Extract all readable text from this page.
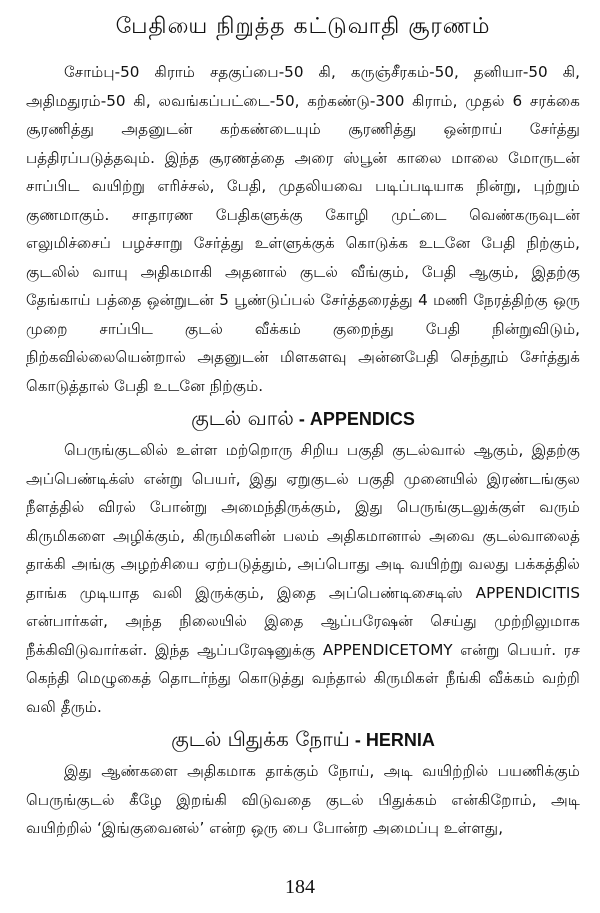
பேதியை நிறுத்த கட்டுவாதி சூரணம்

சோம்பு-50 கிராம் சதகுப்பை-50 கி, கருஞ்சீரகம்-50, தனியா-50 கி, அதிமதுரம்-50 கி, லவங்கப்பட்டை-50, கற்கண்டு-300 கிராம், முதல் 6 சரக்கை சூரணித்து அதனுடன் கற்கண்டையும் சூரணித்து ஒன்றாய் சேர்த்து பத்திரப்படுத்தவும். இந்த சூரணத்தை அரை ஸ்பூன் காலை மாலை மோருடன் சாப்பிட வயிற்று எரிச்சல், பேதி, முதலியவை படிப்படியாக நின்று, புற்றும் குணமாகும். சாதாரண பேதிகளுக்கு கோழி முட்டை வெண்கருவுடன் எலுமிச்சைப் பழச்சாறு சேர்த்து உள்ளுக்குக் கொடுக்க உடனே பேதி நிற்கும், குடலில் வாயு அதிகமாகி அதனால் குடல் வீங்கும், பேதி ஆகும், இதற்கு தேங்காய் பத்தை ஒன்றுடன் 5 பூண்டுப்பல் சேர்த்தரைத்து 4 மணி நேரத்திற்கு ஒரு முறை சாப்பிட குடல் வீக்கம் குறைந்து பேதி நின்றுவிடும், நிற்கவில்லையென்றால் அதனுடன் மிளகளவு அன்னபேதி செந்தூம் சேர்த்துக் கொடுத்தால் பேதி உடனே நிற்கும்.

குடல் வால் - APPENDICS

பெருங்குடலில் உள்ள மற்றொரு சிறிய பகுதி குடல்வால் ஆகும், இதற்கு அப்பெண்டிக்ஸ் என்று பெயர், இது ஏறுகுடல் பகுதி முனையில் இரண்டங்குல நீளத்தில் விரல் போன்று அமைந்திருக்கும், இது பெருங்குடலுக்குள் வரும் கிருமிகளை அழிக்கும், கிருமிகளின் பலம் அதிகமானால் அவை குடல்வாலைத் தாக்கி அங்கு அழற்சியை ஏற்படுத்தும், அப்பொது அடி வயிற்று வலது பக்கத்தில் தாங்க முடியாத வலி இருக்கும், இதை அப்பெண்டிசைடிஸ் APPENDICITIS என்பார்கள், அந்த நிலையில் இதை ஆப்பரேஷன் செய்து முற்றிலுமாக நீக்கிவிடுவார்கள். இந்த ஆப்பரேஷனுக்கு APPENDICETOMY என்று பெயர். ரச கெந்தி மெழுகைத் தொடர்ந்து கொடுத்து வந்தால் கிருமிகள் நீங்கி வீக்கம் வற்றி வலி தீரும்.

குடல் பிதுக்க நோய் - HERNIA

இது ஆண்களை அதிகமாக தாக்கும் நோய், அடி வயிற்றில் பயணிக்கும் பெருங்குடல் கீழே இறங்கி விடுவதை குடல் பிதுக்கம் என்கிறோம், அடி வயிற்றில் ‘இங்குவைனல்’ என்ற ஒரு பை போன்ற அமைப்பு உள்ளது,

184
